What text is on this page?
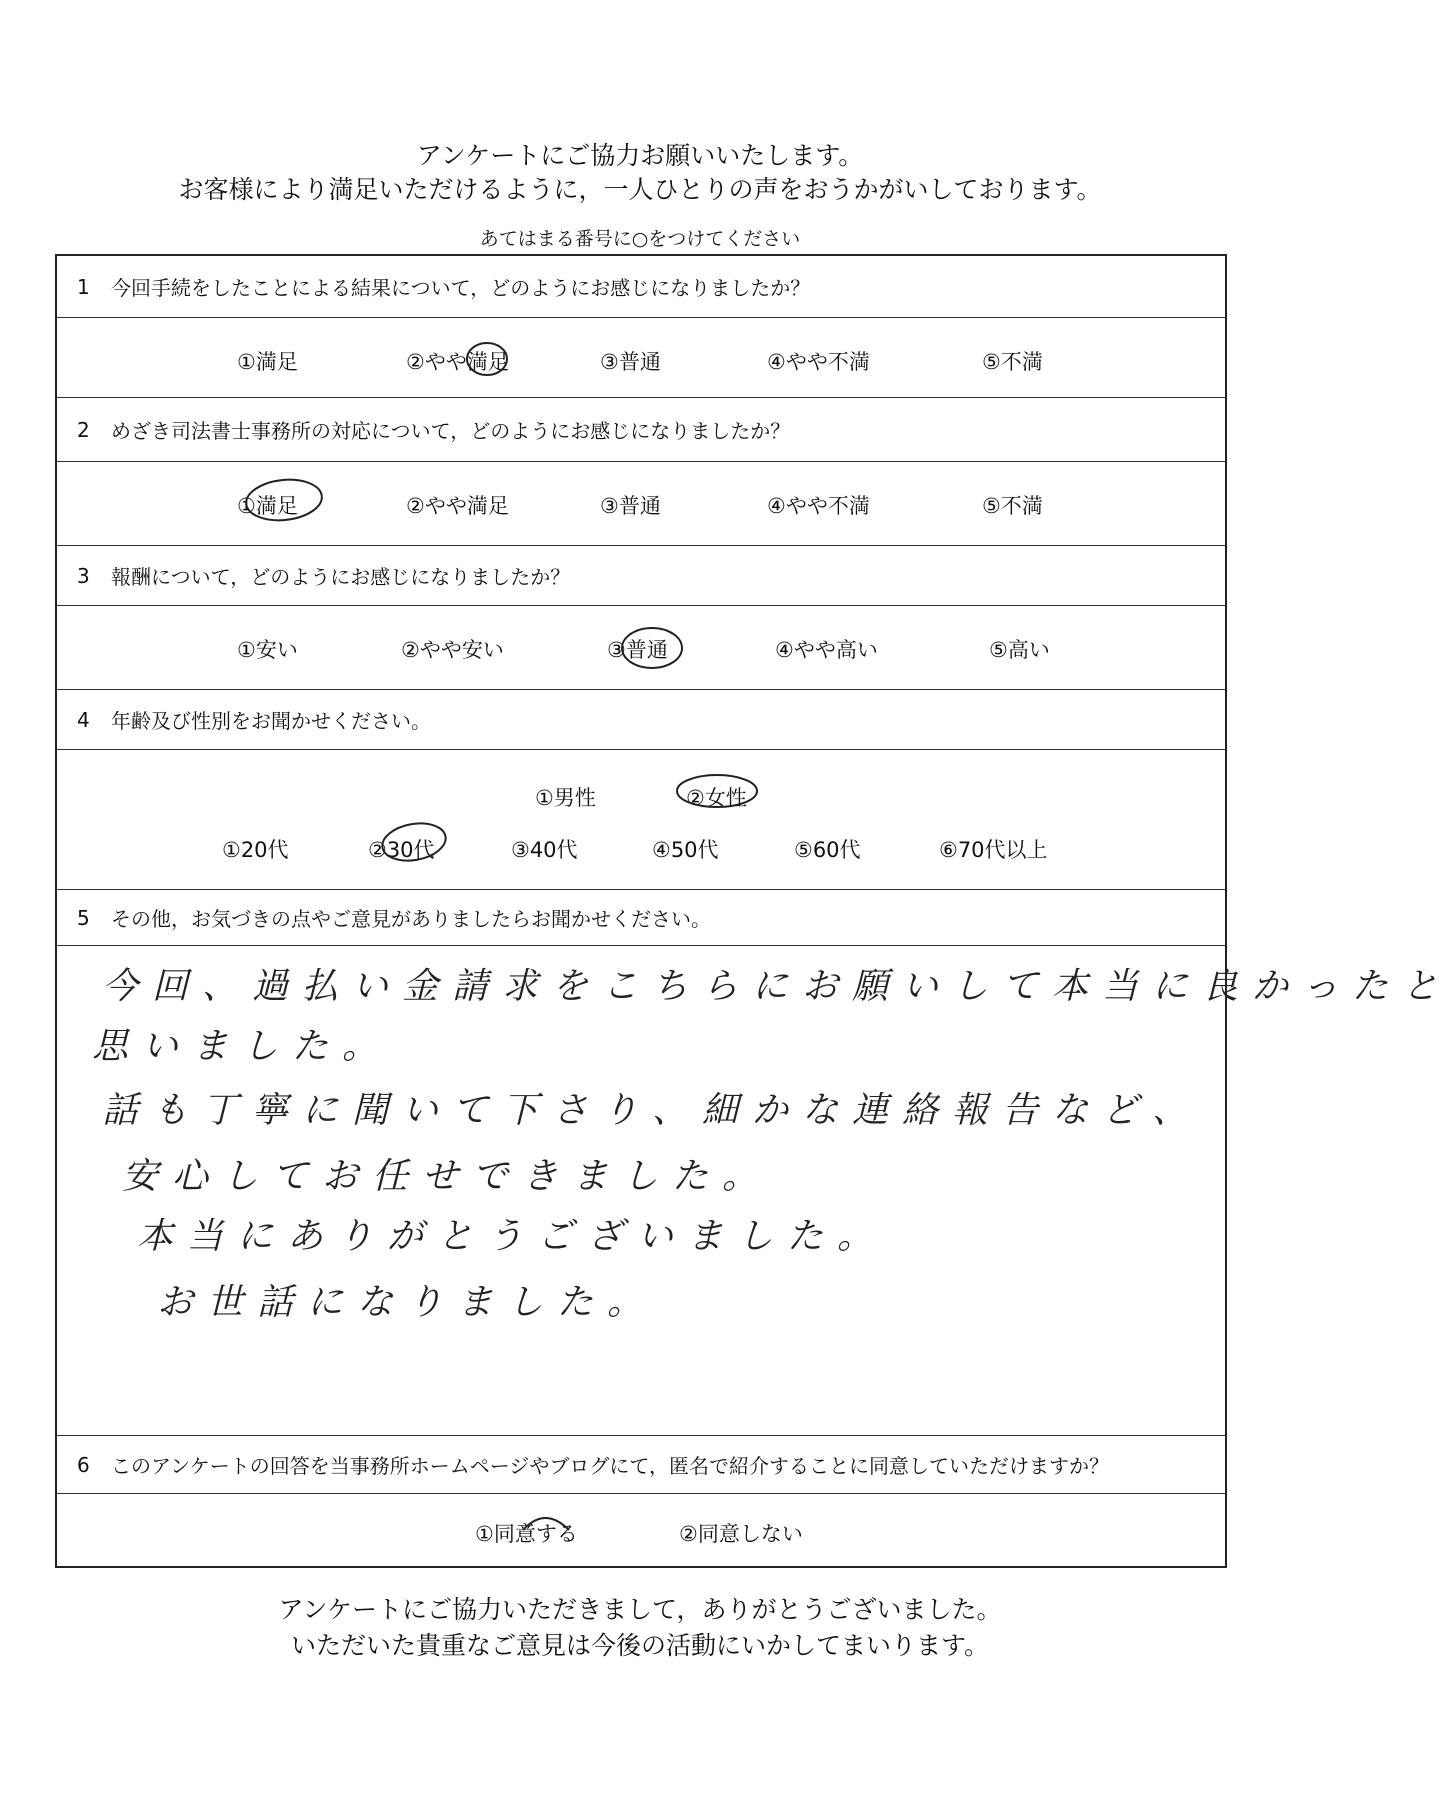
アンケートにご協力お願いいたします。
お客様により満足いただけるように，一人ひとりの声をおうかがいしております。
あてはまる番号に○をつけてください
1	今回手続をしたことによる結果について，どのようにお感じになりましたか？
①満足	②やや満足	③普通	④やや不満	⑤不満
2	めざき司法書士事務所の対応について，どのようにお感じになりましたか？
①満足	②やや満足	③普通	④やや不満	⑤不満
3	報酬について，どのようにお感じになりましたか？
①安い	②やや安い	③普通	④やや高い	⑤高い
4	年齢及び性別をお聞かせください。
①男性	②女性
①20代	②30代	③40代	④50代	⑤60代	⑥70代以上
5	その他，お気づきの点やご意見がありましたらお聞かせください。
今回、過払い金請求をこちらにお願いして本当に良かったと
思いました。
話も丁寧に聞いて下さり、細かな連絡報告など、
安心してお任せできました。
本当にありがとうございました。
お世話になりました。
6	このアンケートの回答を当事務所ホームページやブログにて，匿名で紹介することに同意していただけますか？
①同意する	②同意しない
アンケートにご協力いただきまして，ありがとうございました。
いただいた貴重なご意見は今後の活動にいかしてまいります。
